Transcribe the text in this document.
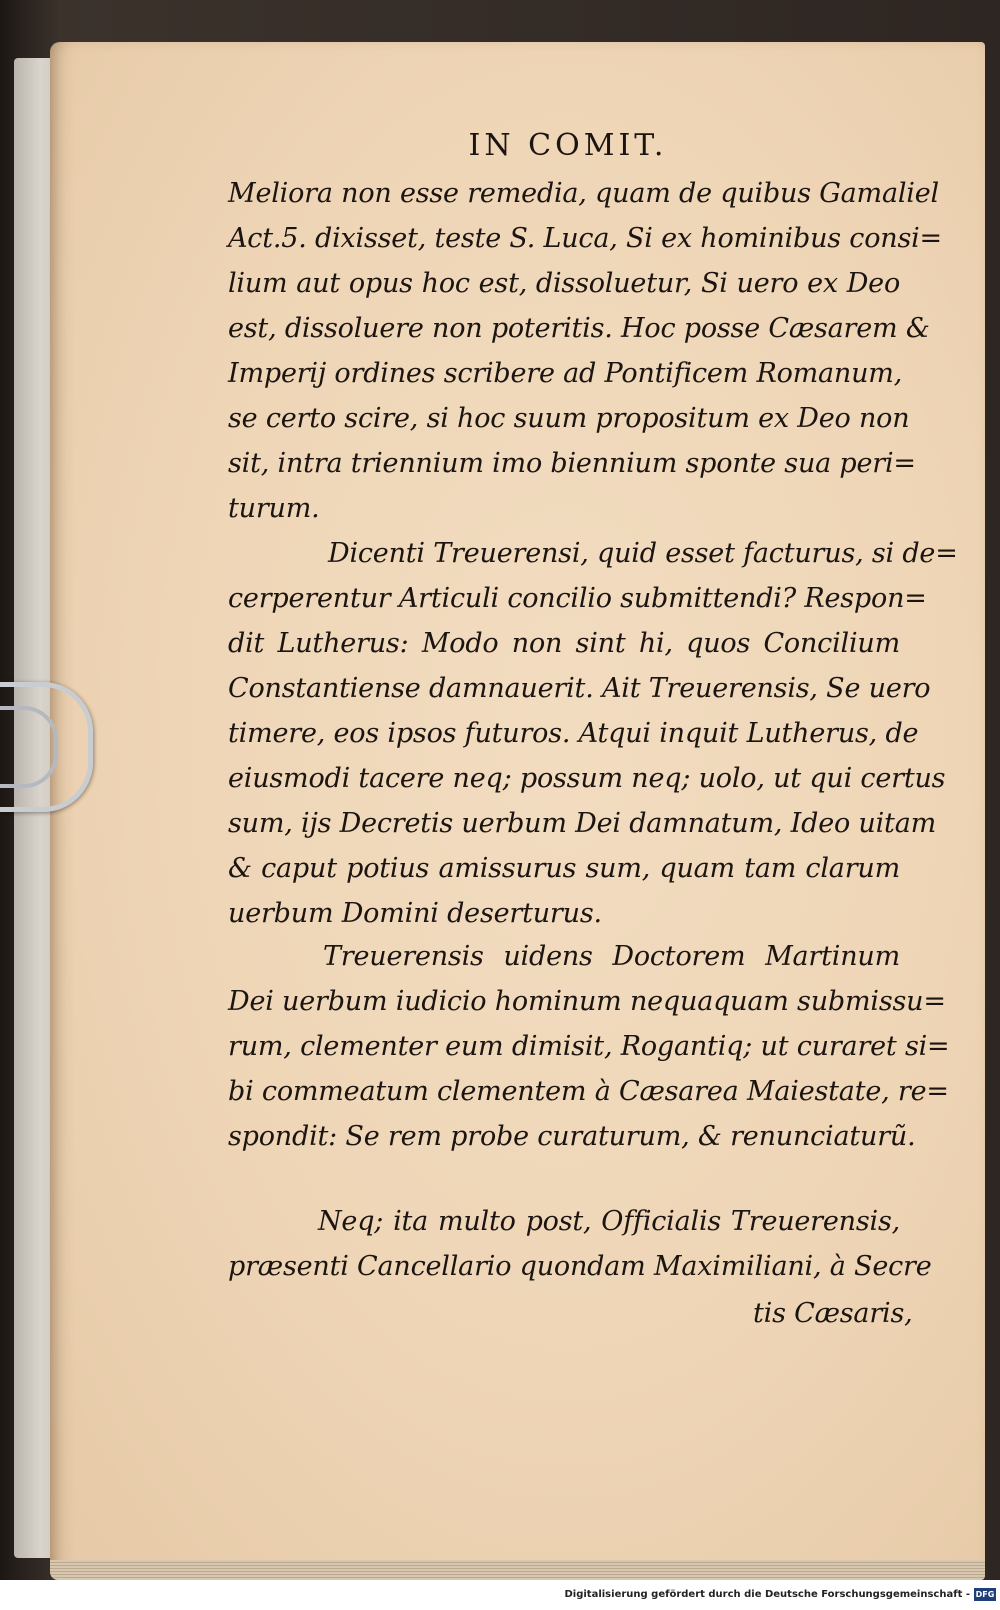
IN COMIT.
Meliora non esse remedia, quam de quibus Gamaliel
Act.5. dixisset, teste S. Luca, Si ex hominibus consi=
lium aut opus hoc est, dissoluetur, Si uero ex Deo
est, dissoluere non poteritis. Hoc posse Cæsarem &
Imperij ordines scribere ad Pontificem Romanum,
se certo scire, si hoc suum propositum ex Deo non
sit, intra triennium imo biennium sponte sua peri=
turum.
Dicenti Treuerensi, quid esset facturus, si de=
cerperentur Articuli concilio submittendi? Respon=
dit Lutherus: Modo non sint hi, quos Concilium
Constantiense damnauerit. Ait Treuerensis, Se uero
timere, eos ipsos futuros. Atqui inquit Lutherus, de
eiusmodi tacere neq; possum neq; uolo, ut qui certus
sum, ijs Decretis uerbum Dei damnatum, Ideo uitam
& caput potius amissurus sum, quam tam clarum
uerbum Domini deserturus.
Treuerensis uidens Doctorem Martinum
Dei uerbum iudicio hominum nequaquam submissu=
rum, clementer eum dimisit, Rogantiq; ut curaret si=
bi commeatum clementem à Cæsarea Maiestate, re=
spondit: Se rem probe curaturum, & renunciaturũ.
Neq; ita multo post, Officialis Treuerensis,
præsenti Cancellario quondam Maximiliani, à Secre
tis Cæsaris,
Digitalisierung gefördert durch die Deutsche Forschungsgemeinschaft - DFG
